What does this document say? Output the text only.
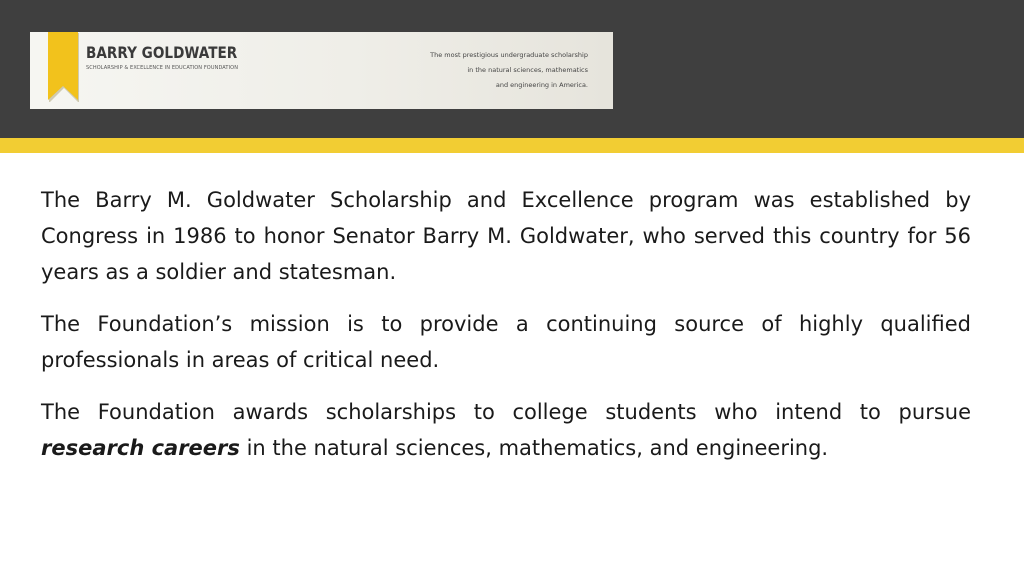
BARRY GOLDWATER
SCHOLARSHIP & EXCELLENCE IN EDUCATION FOUNDATION
The most prestigious undergraduate scholarship
in the natural sciences, mathematics
and engineering in America.

The Barry M. Goldwater Scholarship and Excellence program was established by Congress in 1986 to honor Senator Barry M. Goldwater, who served this country for 56 years as a soldier and statesman.

The Foundation’s mission is to provide a continuing source of highly qualified professionals in areas of critical need.

The Foundation awards scholarships to college students who intend to pursue research careers in the natural sciences, mathematics, and engineering.
